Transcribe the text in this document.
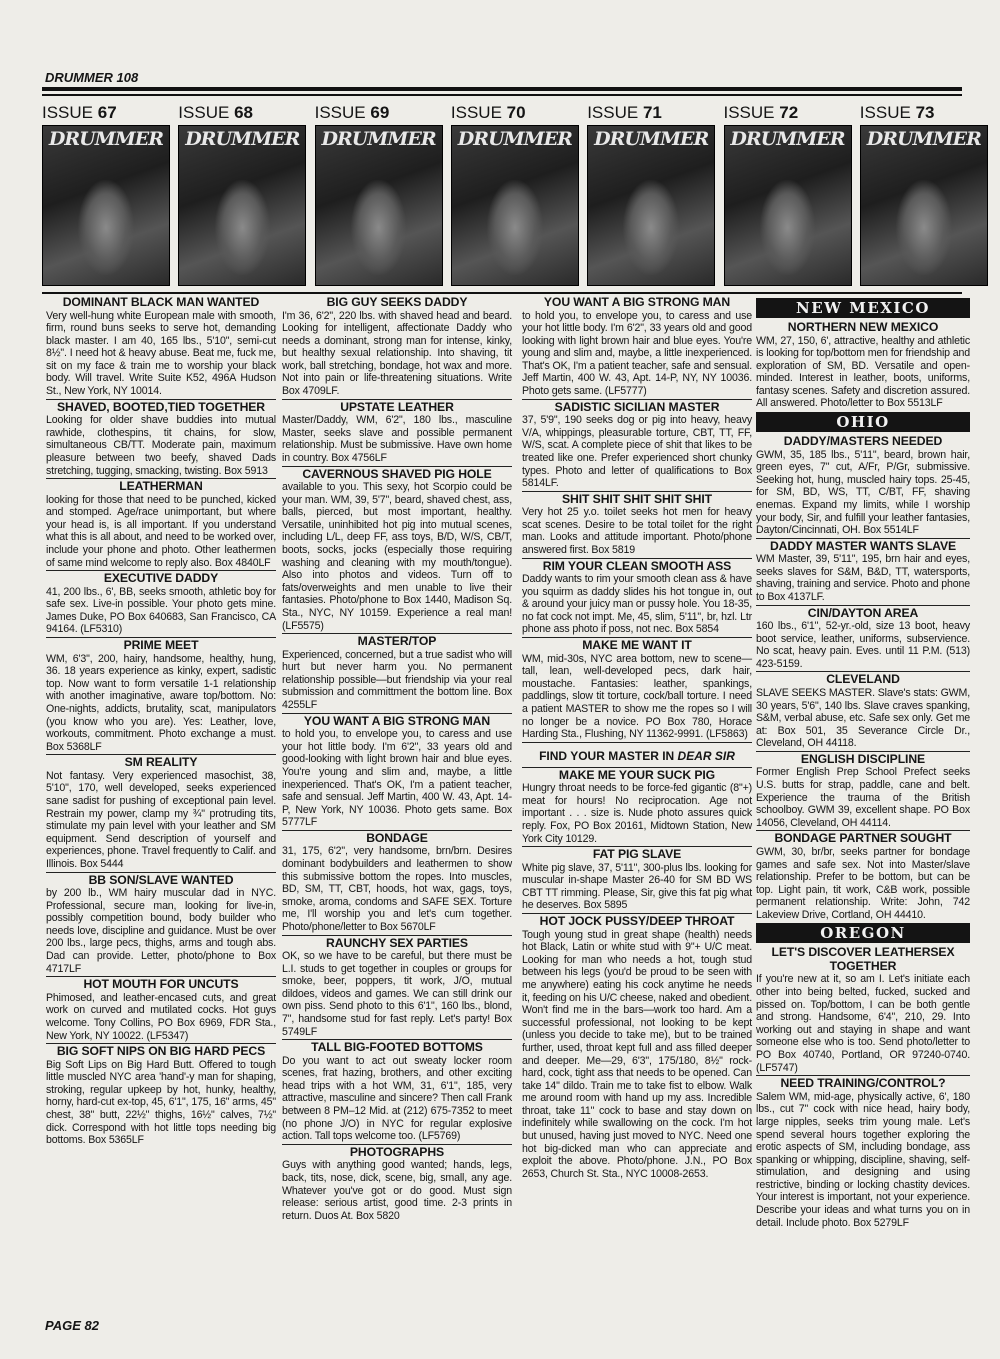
DRUMMER 108
ISSUE 67
DRUMMER
ISSUE 68
DRUMMER
ISSUE 69
DRUMMER
ISSUE 70
DRUMMER
ISSUE 71
DRUMMER
ISSUE 72
DRUMMER
ISSUE 73
DRUMMER
DOMINANT BLACK MAN WANTED

Very well-hung white European male with smooth, firm, round buns seeks to serve hot, demanding black master. I am 40, 165 lbs., 5'10", semi-cut 8½". I need hot & heavy abuse. Beat me, fuck me, sit on my face & train me to worship your black body. Will travel. Write Suite K52, 496A Hudson St., New York, NY 10014.

SHAVED, BOOTED,TIED TOGETHER

Looking for older shave buddies into mutual rawhide, clothespins, tit chains, for slow, simultaneous CB/TT. Moderate pain, maximum pleasure between two beefy, shaved Dads stretching, tugging, smacking, twisting. Box 5913

LEATHERMAN

looking for those that need to be punched, kicked and stomped. Age/race unimportant, but where your head is, is all important. If you understand what this is all about, and need to be worked over, include your phone and photo. Other leathermen of same mind welcome to reply also. Box 4840LF

EXECUTIVE DADDY

41, 200 lbs., 6', BB, seeks smooth, athletic boy for safe sex. Live-in possible. Your photo gets mine. James Duke, PO Box 640683, San Francisco, CA 94164. (LF5310)

PRIME MEET

WM, 6'3", 200, hairy, handsome, healthy, hung, 36. 18 years experience as kinky, expert, sadistic top. Now want to form versatile 1-1 relationship with another imaginative, aware top/bottom. No: One-nights, addicts, brutality, scat, manipulators (you know who you are). Yes: Leather, love, workouts, commitment. Photo exchange a must. Box 5368LF

SM REALITY

Not fantasy. Very experienced masochist, 38, 5'10", 170, well developed, seeks experienced sane sadist for pushing of exceptional pain level. Restrain my power, clamp my ¾" protruding tits, stimulate my pain level with your leather and SM equipment. Send description of yourself and experiences, phone. Travel frequently to Calif. and Illinois. Box 5444

BB SON/SLAVE WANTED

by 200 lb., WM hairy muscular dad in NYC. Professional, secure man, looking for live-in, possibly competition bound, body builder who needs love, discipline and guidance. Must be over 200 lbs., large pecs, thighs, arms and tough abs. Dad can provide. Letter, photo/phone to Box 4717LF

HOT MOUTH FOR UNCUTS

Phimosed, and leather-encased cuts, and great work on curved and mutilated cocks. Hot guys welcome. Tony Collins, PO Box 6969, FDR Sta., New York, NY 10022. (LF5347)

BIG SOFT NIPS ON BIG HARD PECS

Big Soft Lips on Big Hard Butt. Offered to tough little muscled NYC area 'hand'-y man for shaping, stroking, regular upkeep by hot, hunky, healthy, horny, hard-cut ex-top, 45, 6'1", 175, 16" arms, 45" chest, 38" butt, 22½" thighs, 16½" calves, 7½" dick. Correspond with hot little tops needing big bottoms. Box 5365LF

BIG GUY SEEKS DADDY

I'm 36, 6'2", 220 lbs. with shaved head and beard. Looking for intelligent, affectionate Daddy who needs a dominant, strong man for intense, kinky, but healthy sexual relationship. Into shaving, tit work, ball stretching, bondage, hot wax and more. Not into pain or life-threatening situations. Write Box 4709LF.

UPSTATE LEATHER

Master/Daddy, WM, 6'2", 180 lbs., masculine Master, seeks slave and possible permanent relationship. Must be submissive. Have own home in country. Box 4756LF

CAVERNOUS SHAVED PIG HOLE

available to you. This sexy, hot Scorpio could be your man. WM, 39, 5'7", beard, shaved chest, ass, balls, pierced, but most important, healthy. Versatile, uninhibited hot pig into mutual scenes, including L/L, deep FF, ass toys, B/D, W/S, CB/T, boots, socks, jocks (especially those requiring washing and cleaning with my mouth/tongue). Also into photos and videos. Turn off to fats/overweights and men unable to live their fantasies. Photo/phone to Box 1440, Madison Sq. Sta., NYC, NY 10159. Experience a real man! (LF5575)

MASTER/TOP

Experienced, concerned, but a true sadist who will hurt but never harm you. No permanent relationship possible—but friendship via your real submission and committment the bottom line. Box 4255LF

YOU WANT A BIG STRONG MAN

to hold you, to envelope you, to caress and use your hot little body. I'm 6'2", 33 years old and good-looking with light brown hair and blue eyes. You're young and slim and, maybe, a little inexperienced. That's OK, I'm a patient teacher, safe and sensual. Jeff Martin, 400 W. 43, Apt. 14-P, New York, NY 10036. Photo gets same. Box 5777LF

BONDAGE

31, 175, 6'2", very handsome, brn/brn. Desires dominant bodybuilders and leathermen to show this submissive bottom the ropes. Into muscles, BD, SM, TT, CBT, hoods, hot wax, gags, toys, smoke, aroma, condoms and SAFE SEX. Torture me, I'll worship you and let's cum together. Photo/phone/letter to Box 5670LF

RAUNCHY SEX PARTIES

OK, so we have to be careful, but there must be L.I. studs to get together in couples or groups for smoke, beer, poppers, tit work, J/O, mutual dildoes, videos and games. We can still drink our own piss. Send photo to this 6'1", 160 lbs., blond, 7", handsome stud for fast reply. Let's party! Box 5749LF

TALL BIG-FOOTED BOTTOMS

Do you want to act out sweaty locker room scenes, frat hazing, brothers, and other exciting head trips with a hot WM, 31, 6'1", 185, very attractive, masculine and sincere? Then call Frank between 8 PM–12 Mid. at (212) 675-7352 to meet (no phone J/O) in NYC for regular explosive action. Tall tops welcome too. (LF5769)

PHOTOGRAPHS

Guys with anything good wanted; hands, legs, back, tits, nose, dick, scene, big, small, any age. Whatever you've got or do good. Must sign release: serious artist, good time. 2-3 prints in return. Duos At. Box 5820

YOU WANT A BIG STRONG MAN

to hold you, to envelope you, to caress and use your hot little body. I'm 6'2", 33 years old and good looking with light brown hair and blue eyes. You're young and slim and, maybe, a little inexperienced. That's OK, I'm a patient teacher, safe and sensual. Jeff Martin, 400 W. 43, Apt. 14-P, NY, NY 10036. Photo gets same. (LF5777)

SADISTIC SICILIAN MASTER

37, 5'9", 190 seeks dog or pig into heavy, heavy V/A, whippings, pleasurable torture, CBT, TT, FF, W/S, scat. A complete piece of shit that likes to be treated like one. Prefer experienced short chunky types. Photo and letter of qualifications to Box 5814LF.

SHIT SHIT SHIT SHIT SHIT

Very hot 25 y.o. toilet seeks hot men for heavy scat scenes. Desire to be total toilet for the right man. Looks and attitude important. Photo/phone answered first. Box 5819

RIM YOUR CLEAN SMOOTH ASS

Daddy wants to rim your smooth clean ass & have you squirm as daddy slides his hot tongue in, out & around your juicy man or pussy hole. You 18-35, no fat cock not impt. Me, 45, slim, 5'11", br, hzl. Ltr phone ass photo if poss, not nec. Box 5854

MAKE ME WANT IT

WM, mid-30s, NYC area bottom, new to scene—tall, lean, well-developed pecs, dark hair, moustache. Fantasies: leather, spankings, paddlings, slow tit torture, cock/ball torture. I need a patient MASTER to show me the ropes so I will no longer be a novice. PO Box 780, Horace Harding Sta., Flushing, NY 11362-9991. (LF5863)

FIND YOUR MASTER IN DEAR SIR
MAKE ME YOUR SUCK PIG

Hungry throat needs to be force-fed gigantic (8"+) meat for hours! No reciprocation. Age not important . . . size is. Nude photo assures quick reply. Fox, PO Box 20161, Midtown Station, New York City 10129.

FAT PIG SLAVE

White pig slave, 37, 5'11", 300-plus lbs. looking for muscular in-shape Master 26-40 for SM BD WS CBT TT rimming. Please, Sir, give this fat pig what he deserves. Box 5895

HOT JOCK PUSSY/DEEP THROAT

Tough young stud in great shape (health) needs hot Black, Latin or white stud with 9"+ U/C meat. Looking for man who needs a hot, tough stud between his legs (you'd be proud to be seen with me anywhere) eating his cock anytime he needs it, feeding on his U/C cheese, naked and obedient. Won't find me in the bars—work too hard. Am a successful professional, not looking to be kept (unless you decide to take me), but to be trained further, used, throat kept full and ass filled deeper and deeper. Me—29, 6'3", 175/180, 8½" rock-hard, cock, tight ass that needs to be opened. Can take 14" dildo. Train me to take fist to elbow. Walk me around room with hand up my ass. Incredible throat, take 11" cock to base and stay down on indefinitely while swallowing on the cock. I'm hot but unused, having just moved to NYC. Need one hot big-dicked man who can appreciate and exploit the above. Photo/phone. J.N., PO Box 2653, Church St. Sta., NYC 10008-2653.

NEW MEXICO
NORTHERN NEW MEXICO

WM, 27, 150, 6', attractive, healthy and athletic is looking for top/bottom men for friendship and exploration of SM, BD. Versatile and open-minded. Interest in leather, boots, uniforms, fantasy scenes. Safety and discretion assured. All answered. Photo/letter to Box 5513LF

OHIO
DADDY/MASTERS NEEDED

GWM, 35, 185 lbs., 5'11", beard, brown hair, green eyes, 7" cut, A/Fr, P/Gr, submissive. Seeking hot, hung, muscled hairy tops. 25-45, for SM, BD, WS, TT, C/BT, FF, shaving enemas. Expand my limits, while I worship your body, Sir, and fulfill your leather fantasies, Dayton/Cincinnati, OH. Box 5514LF

DADDY MASTER WANTS SLAVE

WM Master, 39, 5'11", 195, brn hair and eyes, seeks slaves for S&M, B&D, TT, watersports, shaving, training and service. Photo and phone to Box 4137LF.

CIN/DAYTON AREA

160 lbs., 6'1", 52-yr.-old, size 13 boot, heavy boot service, leather, uniforms, subservience. No scat, heavy pain. Eves. until 11 P.M. (513) 423-5159.

CLEVELAND

SLAVE SEEKS MASTER. Slave's stats: GWM, 30 years, 5'6", 140 lbs. Slave craves spanking, S&M, verbal abuse, etc. Safe sex only. Get me at: Box 501, 35 Severance Circle Dr., Cleveland, OH 44118.

ENGLISH DISCIPLINE

Former English Prep School Prefect seeks U.S. butts for strap, paddle, cane and belt. Experience the trauma of the British schoolboy. GWM 39, excellent shape. PO Box 14056, Cleveland, OH 44114.

BONDAGE PARTNER SOUGHT

GWM, 30, br/br, seeks partner for bondage games and safe sex. Not into Master/slave relationship. Prefer to be bottom, but can be top. Light pain, tit work, C&B work, possible permanent relationship. Write: John, 742 Lakeview Drive, Cortland, OH 44410.

OREGON
LET'S DISCOVER LEATHERSEX TOGETHER

If you're new at it, so am I. Let's initiate each other into being belted, fucked, sucked and pissed on. Top/bottom, I can be both gentle and strong. Handsome, 6'4", 210, 29. Into working out and staying in shape and want someone else who is too. Send photo/letter to PO Box 40740, Portland, OR 97240-0740. (LF5747)

NEED TRAINING/CONTROL?

Salem WM, mid-age, physically active, 6', 180 lbs., cut 7" cock with nice head, hairy body, large nipples, seeks trim young male. Let's spend several hours together exploring the erotic aspects of SM, including bondage, ass spanking or whipping, discipline, shaving, self-stimulation, and designing and using restrictive, binding or locking chastity devices. Your interest is important, not your experience. Describe your ideas and what turns you on in detail. Include photo. Box 5279LF

PAGE 82
